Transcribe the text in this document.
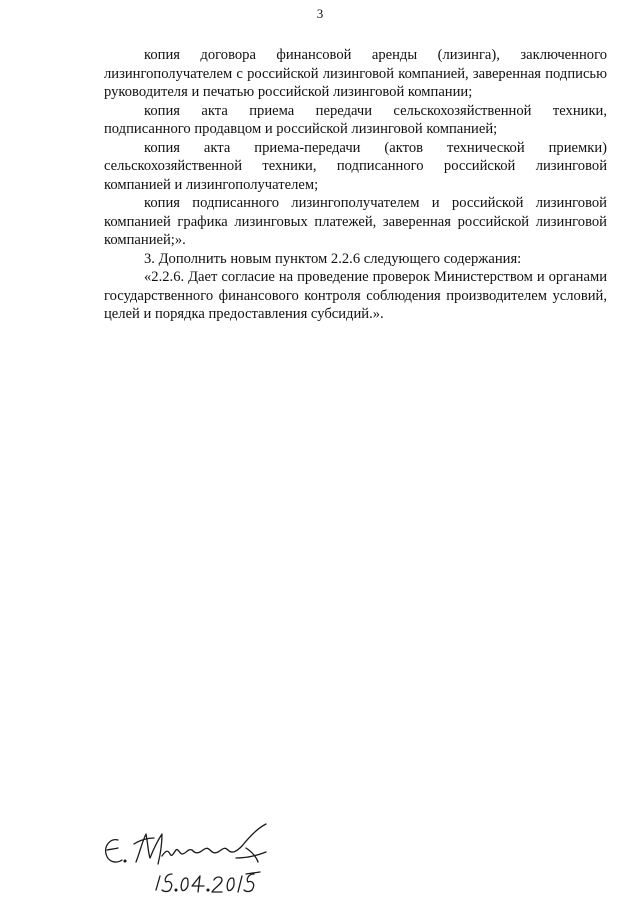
3

копия договора финансовой аренды (лизинга), заключенного лизингополучателем с российской лизинговой компанией, заверенная подписью руководителя и печатью российской лизинговой компании;

копия акта приема передачи сельскохозяйственной техники, подписанного продавцом и российской лизинговой компанией;

копия акта приема-передачи (актов технической приемки) сельскохозяйственной техники, подписанного российской лизинговой компанией и лизингополучателем;

копия подписанного лизингополучателем и российской лизинговой компанией графика лизинговых платежей, заверенная российской лизинговой компанией;».

3. Дополнить новым пунктом 2.2.6 следующего содержания:

«2.2.6. Дает согласие на проведение проверок Министерством и органами государственного финансового контроля соблюдения производителем условий, целей и порядка предоставления субсидий.».
